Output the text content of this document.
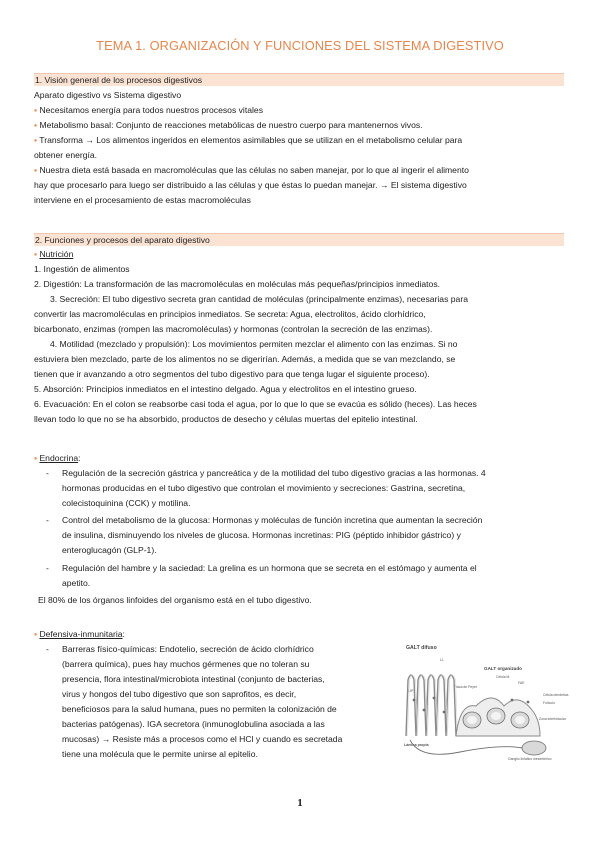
TEMA 1. ORGANIZACIÓN Y FUNCIONES DEL SISTEMA DIGESTIVO
1. Visión general de los procesos digestivos
Aparato digestivo vs Sistema digestivo
▪ Necesitamos energía para todos nuestros procesos vitales
▪ Metabolismo basal: Conjunto de reacciones metabólicas de nuestro cuerpo para mantenernos vivos.
▪ Transforma → Los alimentos ingeridos en elementos asimilables que se utilizan en el metabolismo celular para
obtener energía.
▪ Nuestra dieta está basada en macromoléculas que las células no saben manejar, por lo que al ingerir el alimento
hay que procesarlo para luego ser distribuido a las células y que éstas lo puedan manejar. → El sistema digestivo
interviene en el procesamiento de estas macromoléculas
2. Funciones y procesos del aparato digestivo
▪ Nutrición
1. Ingestión de alimentos
2. Digestión: La transformación de las macromoléculas en moléculas más pequeñas/principios inmediatos.
3. Secreción: El tubo digestivo secreta gran cantidad de moléculas (principalmente enzimas), necesarias para
convertir las macromoléculas en principios inmediatos. Se secreta: Agua, electrolitos, ácido clorhídrico,
bicarbonato, enzimas (rompen las macromoléculas) y hormonas (controlan la secreción de las enzimas).
4. Motilidad (mezclado y propulsión): Los movimientos permiten mezclar el alimento con las enzimas. Si no
estuviera bien mezclado, parte de los alimentos no se digerirían. Además, a medida que se van mezclando, se
tienen que ir avanzando a otro segmentos del tubo digestivo para que tenga lugar el siguiente proceso).
5. Absorción: Principios inmediatos en el intestino delgado. Agua y electrolitos en el intestino grueso.
6. Evacuación: En el colon se reabsorbe casi toda el agua, por lo que lo que se evacúa es sólido (heces). Las heces
llevan todo lo que no se ha absorbido, productos de desecho y células muertas del epitelio intestinal.
▪ Endocrina:
- Regulación de la secreción gástrica y pancreática y de la motilidad del tubo digestivo gracias a las hormonas. 4
hormonas producidas en el tubo digestivo que controlan el movimiento y secreciones: Gastrina, secretina,
colecistoquinina (CCK) y motilina.
- Control del metabolismo de la glucosa: Hormonas y moléculas de función incretina que aumentan la secreción
de insulina, disminuyendo los niveles de glucosa. Hormonas incretinas: PIG (péptido inhibidor gástrico) y
enteroglucagón (GLP-1).
- Regulación del hambre y la saciedad: La grelina es un hormona que se secreta en el estómago y aumenta el
apetito.
El 80% de los órganos linfoides del organismo está en el tubo digestivo.
▪ Defensiva-inmunitaria:
- Barreras físico-químicas: Endotelio, secreción de ácido clorhídrico
(barrera química), pues hay muchos gérmenes que no toleran su
presencia, flora intestinal/microbiota intestinal (conjunto de bacterias,
virus y hongos del tubo digestivo que son saprofitos, es decir,
beneficiosos para la salud humana, pues no permiten la colonización de
bacterias patógenas). IGA secretora (inmunoglobulina asociada a las
mucosas) → Resiste más a procesos como el HCl y cuando es secretada
tiene una molécula que le permite unirse al epitelio.
GALT difuso
GALT organizado
LL
LIP
Célula M
FAE
Placa de Peyer
Célula dendrítica
Folículo
Zona interfolicular
Lámina propia
Ganglio linfático mesentérico
1
